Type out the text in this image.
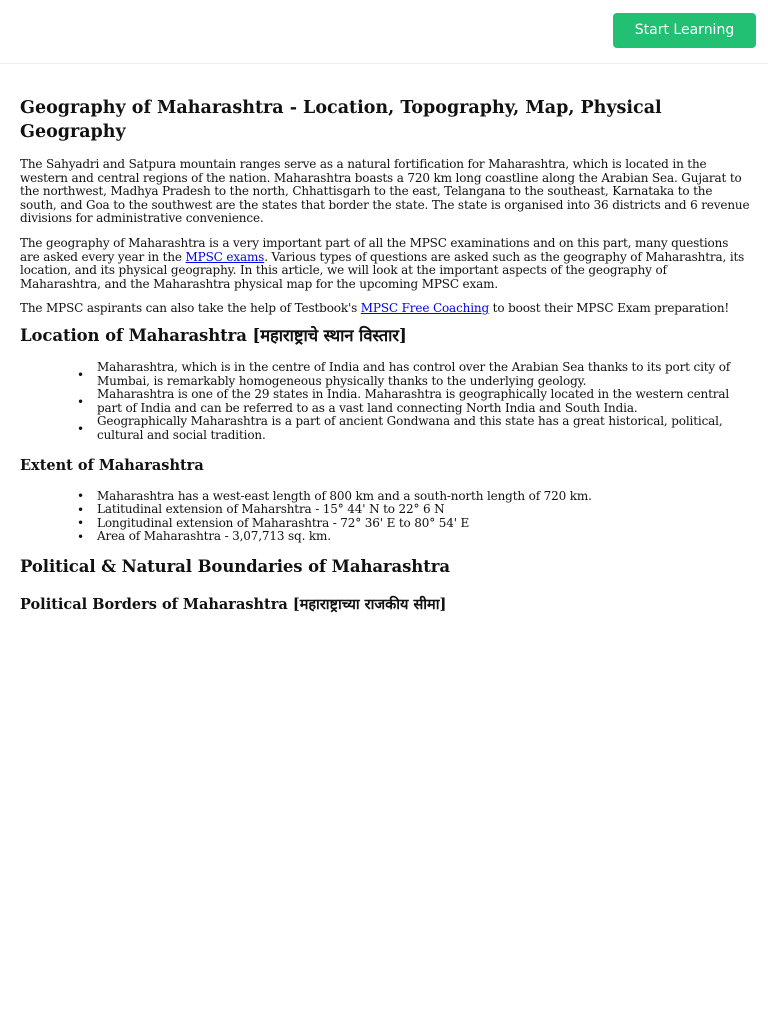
Start Learning
Geography of Maharashtra - Location, Topography, Map, Physical Geography

The Sahyadri and Satpura mountain ranges serve as a natural fortification for Maharashtra, which is located in the western and central regions of the nation. Maharashtra boasts a 720 km long coastline along the Arabian Sea. Gujarat to the northwest, Madhya Pradesh to the north, Chhattisgarh to the east, Telangana to the southeast, Karnataka to the south, and Goa to the southwest are the states that border the state. The state is organised into 36 districts and 6 revenue divisions for administrative convenience.

The geography of Maharashtra is a very important part of all the MPSC examinations and on this part, many questions are asked every year in the MPSC exams. Various types of questions are asked such as the geography of Maharashtra, its location, and its physical geography. In this article, we will look at the important aspects of the geography of Maharashtra, and the Maharashtra physical map for the upcoming MPSC exam.

The MPSC aspirants can also take the help of Testbook's MPSC Free Coaching to boost their MPSC Exam preparation!

Location of Maharashtra [महाराष्ट्राचे स्थान विस्तार]
•
Maharashtra, which is in the centre of India and has control over the Arabian Sea thanks to its port city of Mumbai, is remarkably homogeneous physically thanks to the underlying geology.
•
Maharashtra is one of the 29 states in India. Maharashtra is geographically located in the western central part of India and can be referred to as a vast land connecting North India and South India.
•
Geographically Maharashtra is a part of ancient Gondwana and this state has a great historical, political, cultural and social tradition.
Extent of Maharashtra
• Maharashtra has a west-east length of 800 km and a south-north length of 720 km.
• Latitudinal extension of Maharshtra - 15° 44' N to 22° 6 N
• Longitudinal extension of Maharashtra - 72° 36' E to 80° 54' E
• Area of Maharashtra - 3,07,713 sq. km.
Political & Natural Boundaries of Maharashtra
Political Borders of Maharashtra [महाराष्ट्राच्या राजकीय सीमा]
